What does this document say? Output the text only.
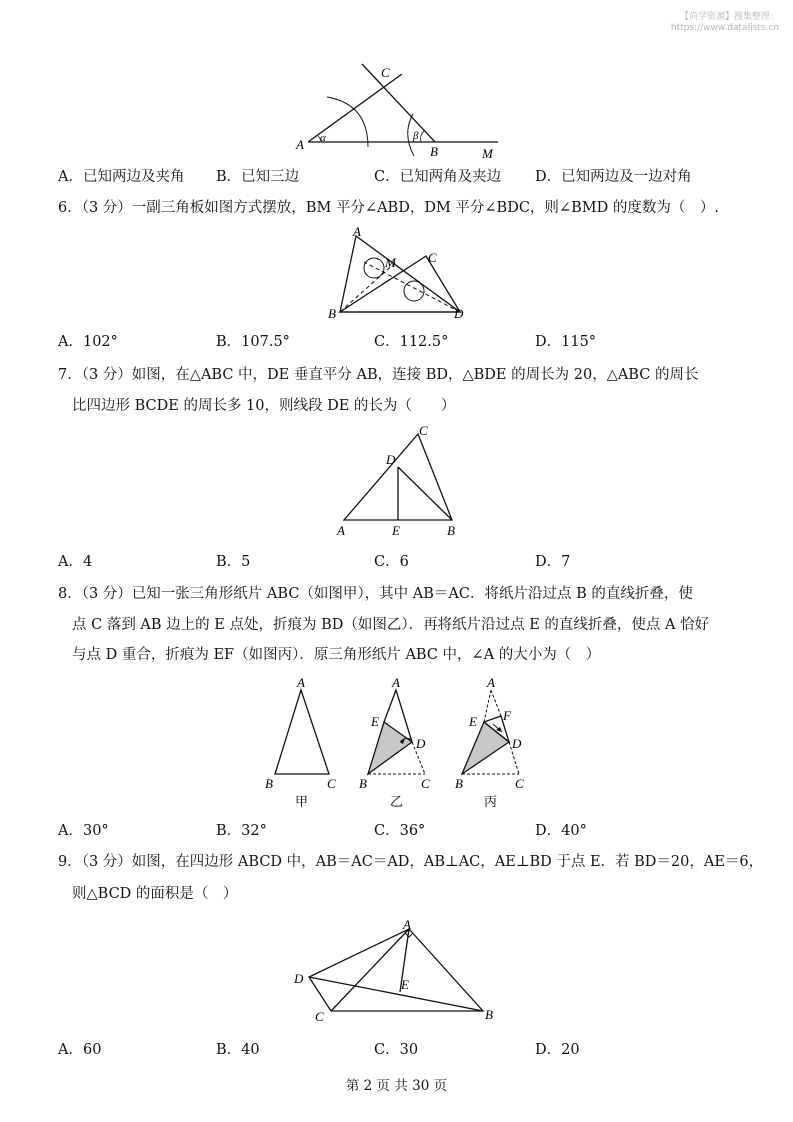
【尚学资源】搜集整理：
https://www.datalists.cn
A α
C
β
B	M
A．已知两边及夹角 B．已知三边	C．已知两角及夹边 D．已知两边及一边对角
6．（3 分）一副三角板如图方式摆放，BM 平分∠ABD，DM 平分∠BDC，则∠BMD 的度数为（　）.
A
M C
B	D
A．102°	B．107.5°	C．112.5°	D．115°
7．（3 分）如图，在△ABC 中，DE 垂直平分 AB，连接 BD，△BDE 的周长为 20，△ABC 的周长
比四边形 BCDE 的周长多 10，则线段 DE 的长为（　　）
C
D
A	E	B
A．4	B．5	C．6	D．7
8．（3 分）已知一张三角形纸片 ABC（如图甲），其中 AB＝AC．将纸片沿过点 B 的直线折叠，使
点 C 落到 AB 边上的 E 点处，折痕为 BD（如图乙）．再将纸片沿过点 E 的直线折叠，使点 A 恰好
与点 D 重合，折痕为 EF（如图丙）．原三角形纸片 ABC 中，∠A 的大小为（　）
A
B	C
甲
A
E
D
B	C
乙
A
E F
D
B	C
丙
A．30°	B．32°	C．36°	D．40°
9．（3 分）如图，在四边形 ABCD 中，AB＝AC＝AD，AB⊥AC，AE⊥BD 于点 E．若 BD＝20，AE＝6，
则△BCD 的面积是（　）
A
D	E
C	B
A．60	B．40	C．30	D．20
第 2 页 共 30 页
